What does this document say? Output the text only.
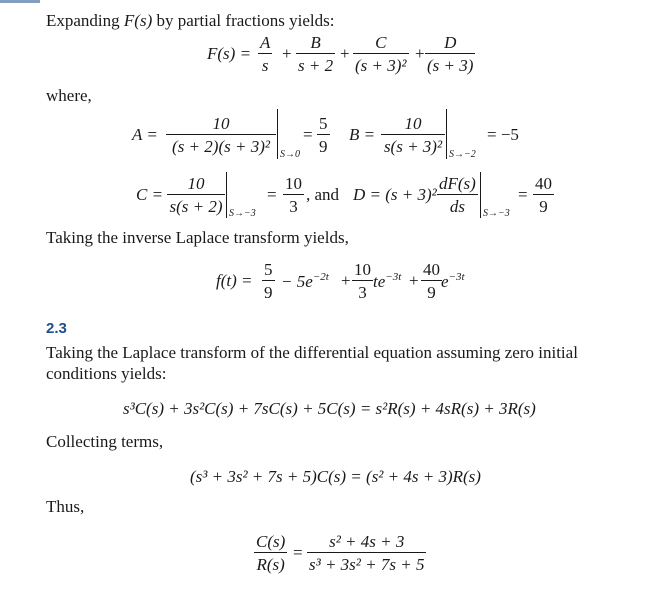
Expanding F(s) by partial fractions yields:
$F(s) = \frac{A}{s} + \frac{B}{s + 2} + \frac{C}{\text{(s + 3)²}} + \frac{D}{(s + 3)}$
where,
$A = \frac{10}{\text{(s + 2)(s + 3)²}} S\to 0$
= $\frac{5}{9}$ $B = \frac{10}{\text{s(s + 3)²}} S\to-2$
= −5
$C = \frac{10}{s(s + 2)} S\to-3$
= $\frac{10}{3}$ , and $D = (s + 3)^2 \frac{dF(s)}{ds} S\to-3$
= $\frac{40}{9}$
Taking the inverse Laplace transform yields,
$f(t) = \frac{5}{9} - 5e^{-2t} + \frac{10}{3} te^{-3t} + \frac{40}{9} e^{-3t}$
2.3
Taking the Laplace transform of the differential equation assuming zero initial
conditions yields:
s³C(s) + 3s²C(s) + 7sC(s) + 5C(s) = s²R(s) + 4sR(s) + 3R(s)
Collecting terms,
(s³ + 3s² + 7s + 5)C(s) = (s² + 4s + 3)R(s)
Thus,
$\frac{C(s)}{R(s)} = \frac{\text{s² + 4s + 3}}{\text{s³ + 3s² + 7s + 5}}$
